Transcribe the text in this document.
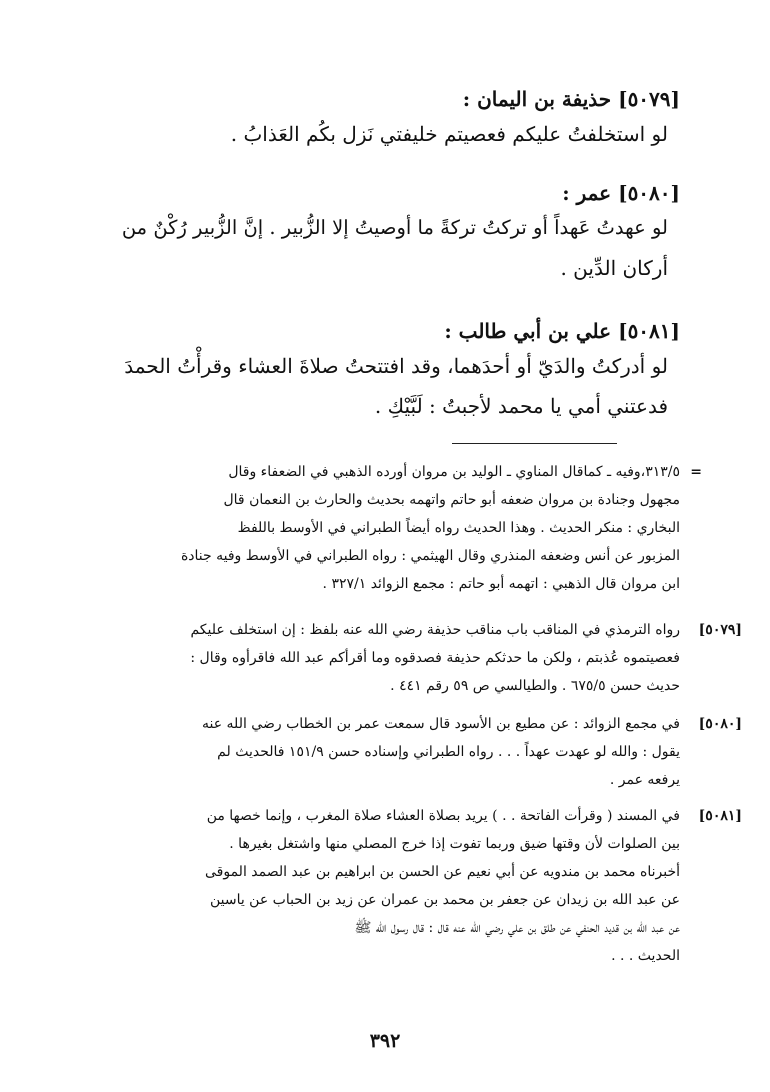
[٥٠٧٩] حذيفة بن اليمان :
لو استخلفتُ عليكم فعصيتم خليفتي نَزل بكُم العَذابُ .
[٥٠٨٠] عمر :
لو عهدتُ عَهداً أو تركتُ تركةً ما أوصيتُ إلا الزُّبير . إنَّ الزُّبير رُكْنٌ من
أركان الدِّين .
[٥٠٨١] علي بن أبي طالب :
لو أدركتُ والدَيّ أو أحدَهما، وقد افتتحتُ صلاةَ العشاء وقرأْتُ الحمدَ
فدعتني أمي يا محمد لأجبتُ : لَبَّيْكِ .
=
٣١٣/٥،وفيه ـ كماقال المناوي ـ الوليد بن مروان أورده الذهبي في الضعفاء وقال
مجهول وجنادة بن مروان ضعفه أبو حاتم واتهمه بحديث والحارث بن النعمان قال
البخاري : منكر الحديث . وهذا الحديث رواه أيضاً الطبراني في الأوسط باللفظ
المزبور عن أنس وضعفه المنذري وقال الهيثمي : رواه الطبراني في الأوسط وفيه جنادة
ابن مروان قال الذهبي : اتهمه أبو حاتم : مجمع الزوائد ٣٢٧/١ .
[٥٠٧٩]
رواه الترمذي في المناقب باب مناقب حذيفة رضي الله عنه بلفظ : إن استخلف عليكم
فعصيتموه عُذبتم ، ولكن ما حدثكم حذيفة فصدقوه وما أقرأكم عبد الله فاقرأوه وقال :
حديث حسن ٦٧٥/٥ . والطيالسي ص ٥٩ رقم ٤٤١ .
[٥٠٨٠]
في مجمع الزوائد : عن مطيع بن الأسود قال سمعت عمر بن الخطاب رضي الله عنه
يقول : والله لو عهدت عهداً . . . رواه الطبراني وإسناده حسن ١٥١/٩ فالحديث لم
يرفعه عمر .
[٥٠٨١]
في المسند ( وقرأت الفاتحة . . ) يريد بصلاة العشاء صلاة المغرب ، وإنما خصها من
بين الصلوات لأن وقتها ضيق وربما تفوت إذا خرج المصلي منها واشتغل بغيرها .
أخبرناه محمد بن مندويه عن أبي نعيم عن الحسن بن ابراهيم بن عبد الصمد الموقى
عن عبد الله بن زيدان عن جعفر بن محمد بن عمران عن زيد بن الحباب عن ياسين
عن عبد الله بن قديد الحنفي عن طلق بن علي رضي الله عنه قال : قال رسول الله ﷺ
الحديث . . .
٣٩٢
